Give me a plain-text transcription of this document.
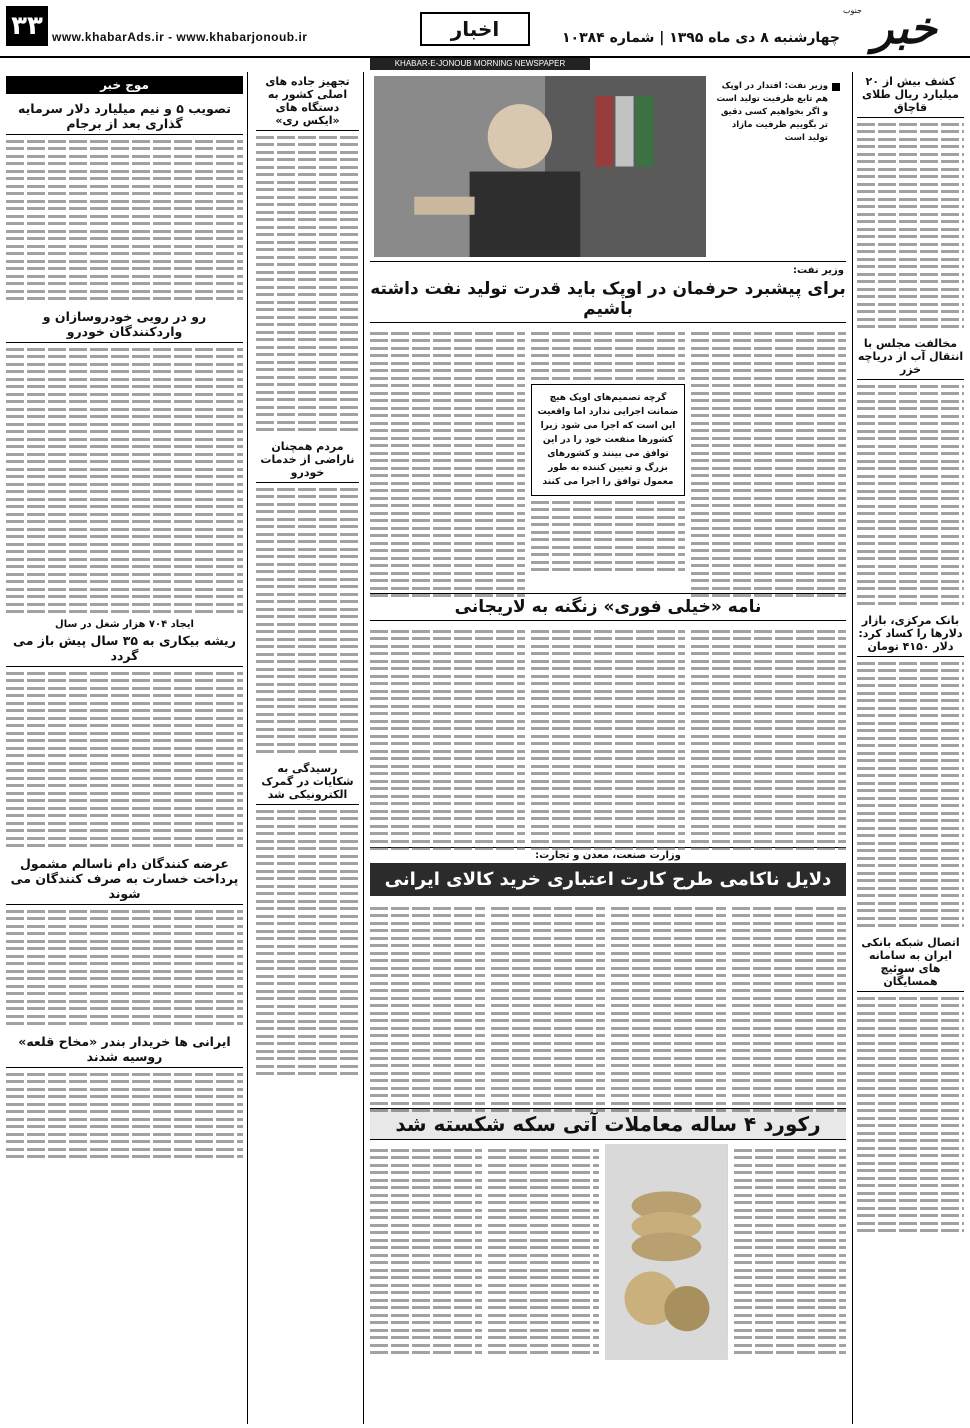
۳۳ www.khabarAds.ir - www.khabarjonoub.ir	اخبار	چهارشنبه ۸ دی ماه ۱۳۹۵ | شماره ۱۰۳۸۴ خبر
جنوب
KHABAR-E-JONOUB MORNING NEWSPAPER
کشف بیش از ۲۰ میلیارد ریال طلای قاچاق
مخالفت مجلس با انتقال آب از دریاچه خزر
بانک مرکزی، بازار دلارها را کساد کرد: دلار ۴۱۵۰ تومان
اتصال شبکه بانکی ایران به سامانه های سوئیچ همسایگان
موج خبر
تصویب ۵ و نیم میلیارد دلار سرمایه گذاری بعد از برجام
رو در رویی خودروسازان و واردکنندگان خودرو
ایجاد ۷۰۴ هزار شغل در سال
ریشه بیکاری به ۳۵ سال پیش باز می گردد
عرضه کنندگان دام ناسالم مشمول پرداخت خسارت به صرف کنندگان می شوند
ایرانی ها خریدار بندر «مخاح قلعه» روسیه شدند
تجهیز جاده های اصلی کشور به دستگاه های «ایکس ری»
مردم همچنان ناراضی از خدمات خودرو
رسیدگی به شکایات در گمرک الکترونیکی شد
وزیر نفت: افتدار در اوپک هم تابع ظرفیت تولید است و اگر بخواهیم کسی دقیق تر بگوییم ظرفیت مازاد تولید است
وزیر نفت:
برای پیشبرد حرفمان در اوپک باید قدرت تولید نفت داشته باشیم
گرچه تصمیم‌های اوپک هیچ ضمانت اجرایی ندارد اما واقعیت این است که اجرا می شود زیرا کشورها منفعت خود را در این توافق می بینند و کشورهای بزرگ و تعیین کننده به طور معمول توافق را اجرا می کنند
نامه «خیلی فوری» زنگنه به لاریجانی
وزارت صنعت، معدن و تجارت:
دلایل ناکامی طرح کارت اعتباری خرید کالای ایرانی
رکورد ۴ ساله معاملات آتی سکه شکسته شد
